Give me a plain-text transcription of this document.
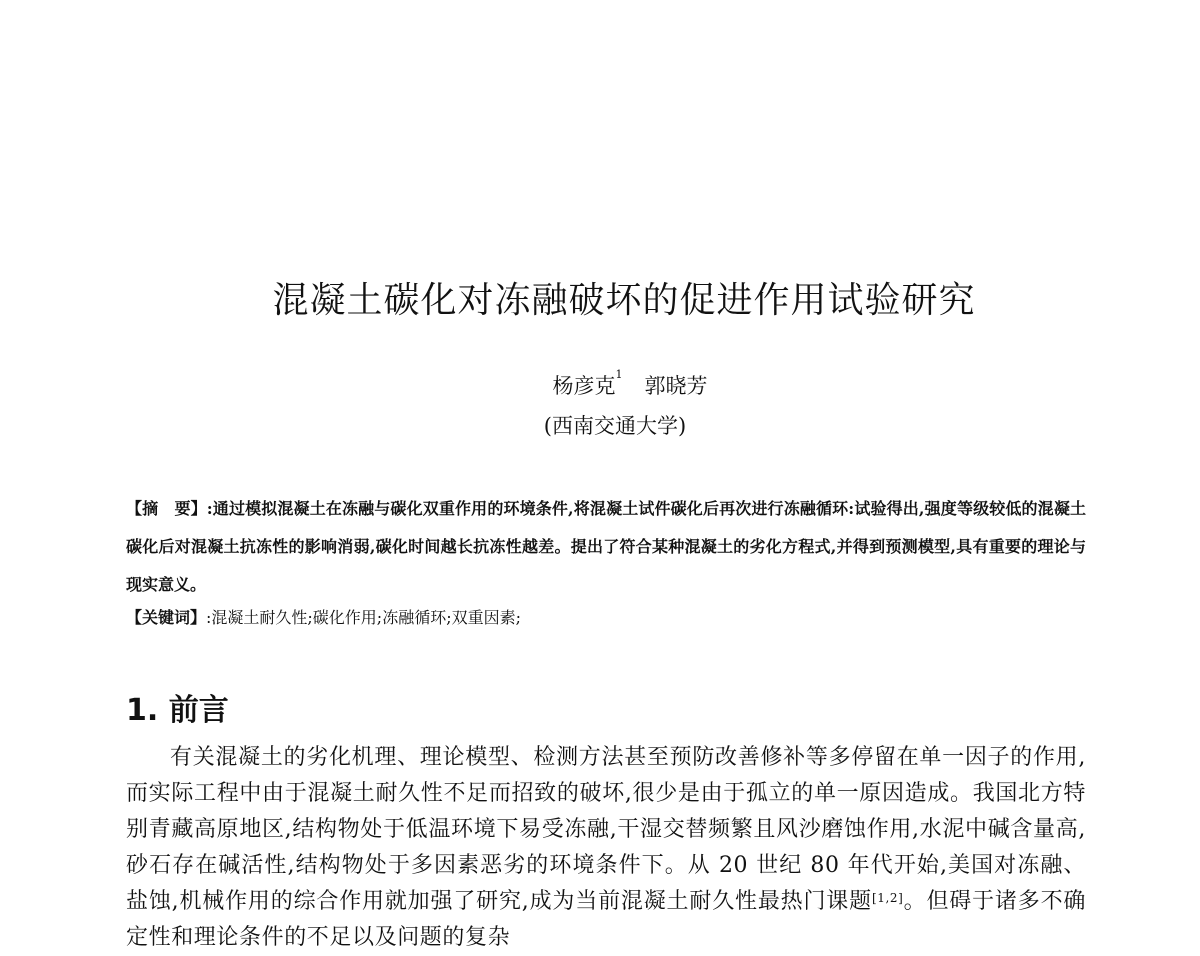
混凝土碳化对冻融破坏的促进作用试验研究
杨彦克$^1$ 郭晓芳
(西南交通大学)
【摘　要】:通过模拟混凝土在冻融与碳化双重作用的环境条件,将混凝土试件碳化后再次进行冻融循环:试验得出,强度等级较低的混凝土碳化后对混凝土抗冻性的影响消弱,碳化时间越长抗冻性越差。提出了符合某种混凝土的劣化方程式,并得到预测模型,具有重要的理论与现实意义。
【关键词】:混凝土耐久性;碳化作用;冻融循环;双重因素;
1. 前言
有关混凝土的劣化机理、理论模型、检测方法甚至预防改善修补等多停留在单一因子的作用,而实际工程中由于混凝土耐久性不足而招致的破坏,很少是由于孤立的单一原因造成。我国北方特别青藏高原地区,结构物处于低温环境下易受冻融,干湿交替频繁且风沙磨蚀作用,水泥中碱含量高,砂石存在碱活性,结构物处于多因素恶劣的环境条件下。从 20 世纪 80 年代开始,美国对冻融、盐蚀,机械作用的综合作用就加强了研究,成为当前混凝土耐久性最热门课题[1,2]。但碍于诸多不确定性和理论条件的不足以及问题的复杂
